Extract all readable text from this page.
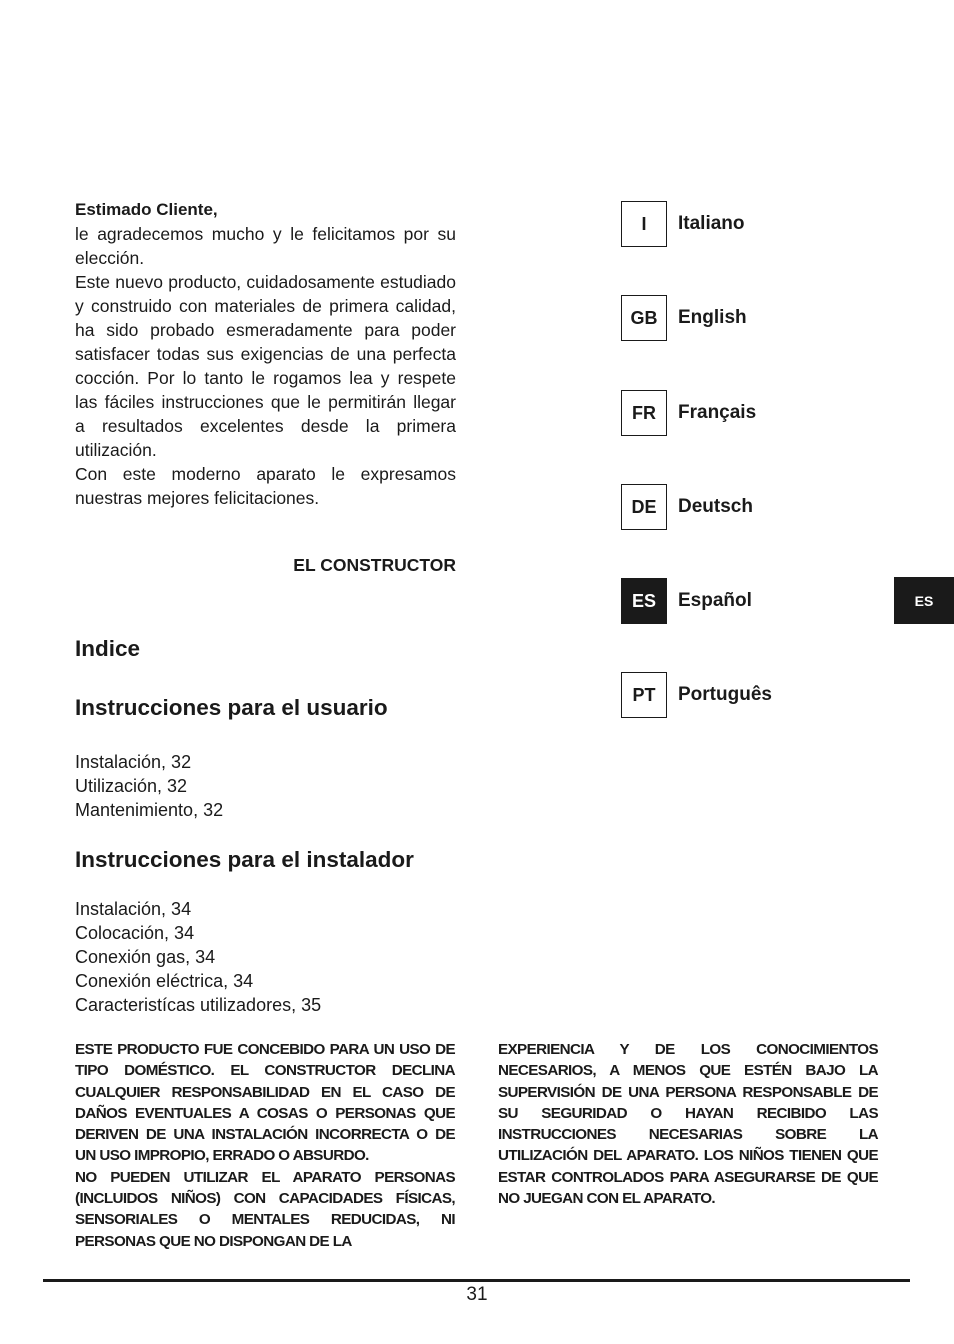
Estimado Cliente,

le agradecemos mucho y le felicitamos por su elección.

Este nuevo producto, cuidadosamente estudiado y construido con materiales de primera calidad, ha sido probado esmeradamente para poder satisfacer todas sus exigencias de una perfecta cocción. Por lo tanto le rogamos lea y respete las fáciles instrucciones que le permitirán llegar a resultados excelentes desde la primera utilización.

Con este moderno aparato le expresamos nuestras mejores felicitaciones.

EL CONSTRUCTOR
Indice
Instrucciones para el usuario
Instalación, 32
Utilización, 32
Mantenimiento, 32
Instrucciones para el instalador
Instalación, 34
Colocación, 34
Conexión gas, 34
Conexión eléctrica, 34
Caracteristícas utilizadores, 35
I	Italiano
GB	English
FR	Français
DE	Deutsch
ES	Español
PT	Português
ES

ESTE PRODUCTO FUE CONCEBIDO PARA UN USO DE TIPO DOMÉSTICO. EL CONSTRUCTOR DECLINA CUALQUIER RESPONSABILIDAD EN EL CASO DE DAÑOS EVENTUALES A COSAS O PERSONAS QUE DERIVEN DE UNA INSTALACIÓN INCORRECTA O DE UN USO IMPROPIO, ERRADO O ABSURDO.

NO PUEDEN UTILIZAR EL APARATO PERSONAS (INCLUIDOS NIÑOS) CON CAPACIDADES FÍSICAS, SENSORIALES O MENTALES REDUCIDAS, NI PERSONAS QUE NO DISPONGAN DE LA

EXPERIENCIA Y DE LOS CONOCIMIENTOS NECESARIOS, A MENOS QUE ESTÉN BAJO LA SUPERVISIÓN DE UNA PERSONA RESPONSABLE DE SU SEGURIDAD O HAYAN RECIBIDO LAS INSTRUCCIONES NECESARIAS SOBRE LA UTILIZACIÓN DEL APARATO. LOS NIÑOS TIENEN QUE ESTAR CONTROLADOS PARA ASEGURARSE DE QUE NO JUEGAN CON EL APARATO.

31
